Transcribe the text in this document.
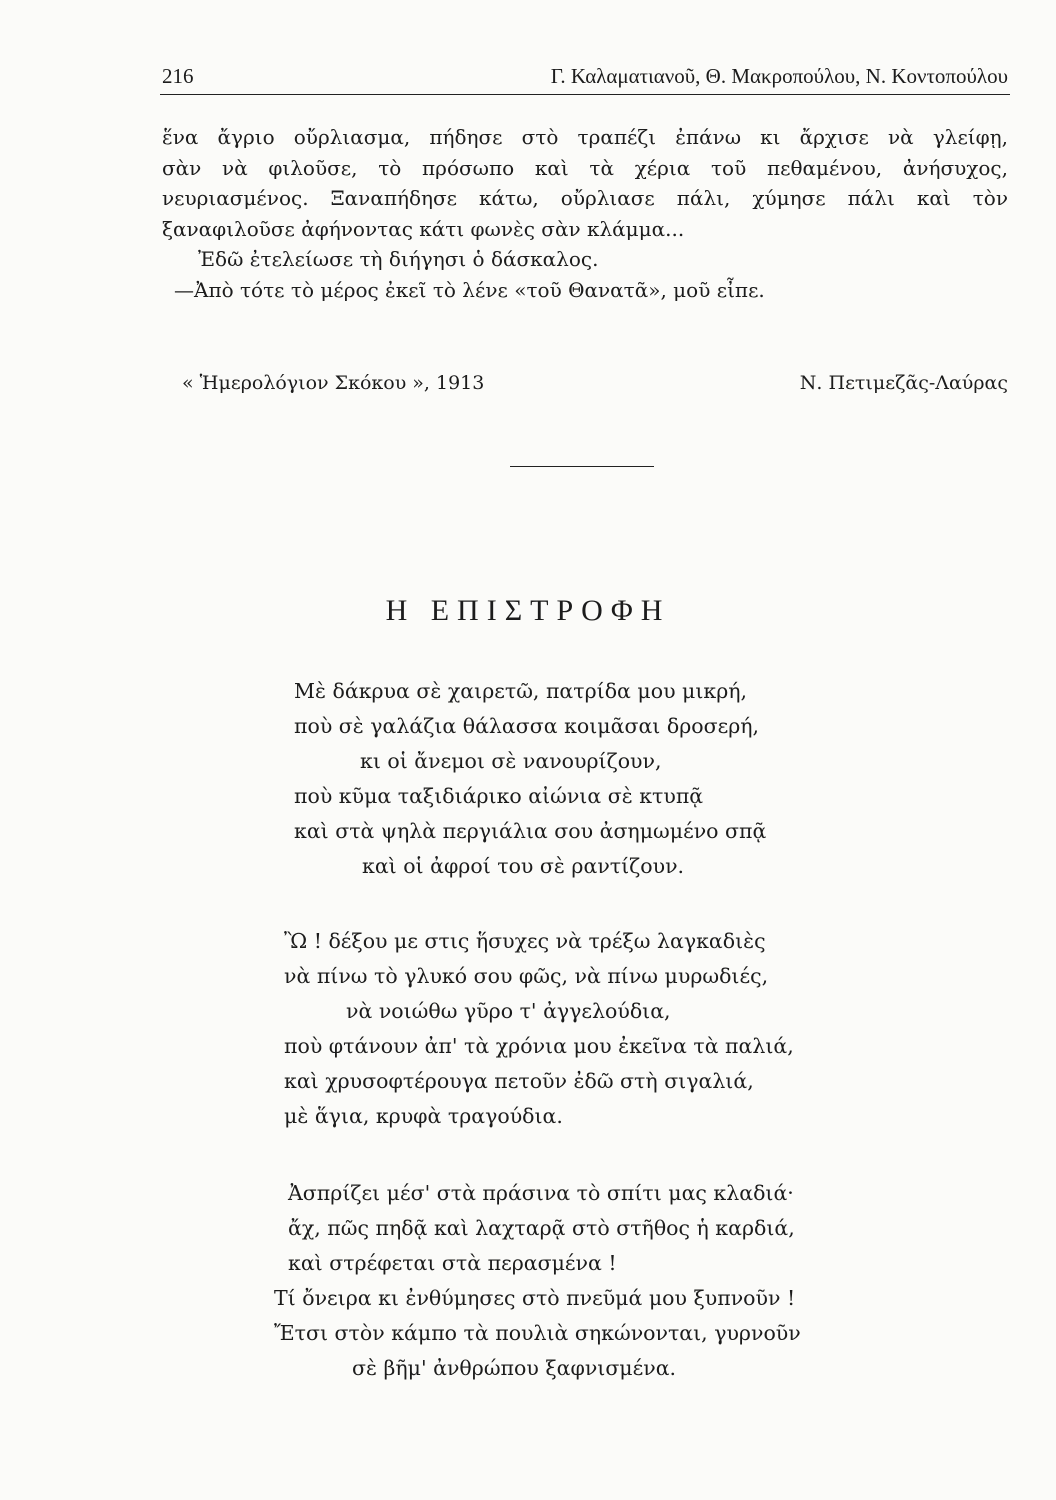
216	Γ. Καλαματιανοῦ, Θ. Μακροπούλου, Ν. Κοντοπούλου
ἕνα ἄγριο οὔρλιασμα, πήδησε στὸ τραπέζι ἐπάνω κι ἄρχισε νὰ γλείφῃ,
σὰν νὰ φιλοῦσε, τὸ πρόσωπο καὶ τὰ χέρια τοῦ πεθαμένου, ἀνήσυχος,
νευριασμένος. Ξαναπήδησε κάτω, οὔρλιασε πάλι, χύμησε πάλι καὶ τὸν
ξαναφιλοῦσε ἀφήνοντας κάτι φωνὲς σὰν κλάμμα...
Ἐδῶ ἐτελείωσε τὴ διήγησι ὁ δάσκαλος.
—Ἀπὸ τότε τὸ μέρος ἐκεῖ τὸ λένε «τοῦ Θανατᾶ», μοῦ εἶπε.
« Ἡμερολόγιον Σκόκου », 1913	Ν. Πετιμεζᾶς-Λαύρας
Η ΕΠΙΣΤΡΟΦΗ
Μὲ δάκρυα σὲ χαιρετῶ, πατρίδα μου μικρή,
ποὺ σὲ γαλάζια θάλασσα κοιμᾶσαι δροσερή,
κι οἱ ἄνεμοι σὲ νανουρίζουν,
ποὺ κῦμα ταξιδιάρικο αἰώνια σὲ κτυπᾷ
καὶ στὰ ψηλὰ περγιάλια σου ἀσημωμένο σπᾷ
καὶ οἱ ἀφροί του σὲ ραντίζουν.
Ὢ ! δέξου με στις ἥσυχες νὰ τρέξω λαγκαδιὲς
νὰ πίνω τὸ γλυκό σου φῶς, νὰ πίνω μυρωδιές,
νὰ νοιώθω γῦρο τ' ἀγγελούδια,
ποὺ φτάνουν ἀπ' τὰ χρόνια μου ἐκεῖνα τὰ παλιά,
καὶ χρυσοφτέρουγα πετοῦν ἐδῶ στὴ σιγαλιά,
μὲ ἅγια, κρυφὰ τραγούδια.
Ἀσπρίζει μέσ' στὰ πράσινα τὸ σπίτι μας κλαδιά·
ἄχ, πῶς πηδᾷ καὶ λαχταρᾷ στὸ στῆθος ἡ καρδιά,
καὶ στρέφεται στὰ περασμένα !
Τί ὄνειρα κι ἐνθύμησες στὸ πνεῦμά μου ξυπνοῦν !
Ἔτσι στὸν κάμπο τὰ πουλιὰ σηκώνονται, γυρνοῦν
σὲ βῆμ' ἀνθρώπου ξαφνισμένα.
